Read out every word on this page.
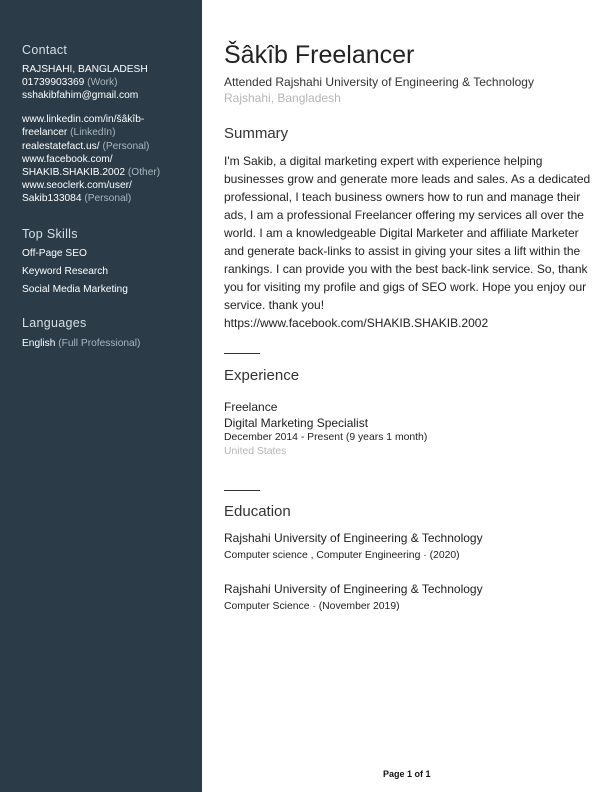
Contact
RAJSHAHI, BANGLADESH
01739903369 (Work)
sshakibfahim@gmail.com
www.linkedin.com/in/šâkîb-
freelancer (LinkedIn)
realestatefact.us/ (Personal)
www.facebook.com/
SHAKIB.SHAKIB.2002 (Other)
www.seoclerk.com/user/
Sakib133084 (Personal)
Top Skills
Off-Page SEO
Keyword Research
Social Media Marketing
Languages
English (Full Professional)
Šâkîb Freelancer
Attended Rajshahi University of Engineering & Technology
Rajshahi, Bangladesh
Summary

I'm Sakib, a digital marketing expert with experience helping businesses grow and generate more leads and sales. As a dedicated professional, I teach business owners how to run and manage their ads, I am a professional Freelancer offering my services all over the world. I am a knowledgeable Digital Marketer and affiliate Marketer and generate back-links to assist in giving your sites a lift within the rankings. I can provide you with the best back-link service. So, thank you for visiting my profile and gigs of SEO work. Hope you enjoy our service. thank you!
https://www.facebook.com/SHAKIB.SHAKIB.2002

Experience
Freelance
Digital Marketing Specialist
December 2014 - Present (9 years 1 month)
United States
Education
Rajshahi University of Engineering & Technology
Computer science , Computer Engineering · (2020)
Rajshahi University of Engineering & Technology
Computer Science · (November 2019)
Page 1 of 1
